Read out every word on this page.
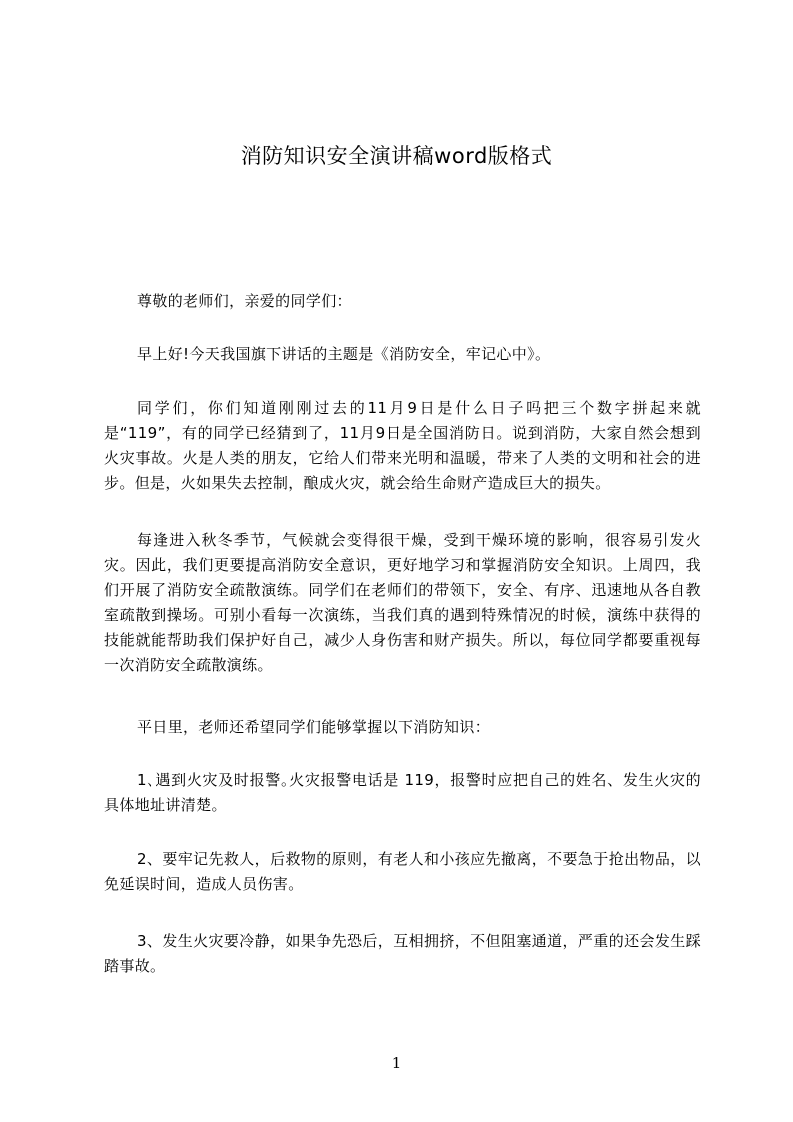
消防知识安全演讲稿word版格式

尊敬的老师们，亲爱的同学们：

早上好!今天我国旗下讲话的主题是《消防安全，牢记心中》。

同学们，你们知道刚刚过去的11月9日是什么日子吗把三个数字拼起来就是“119”，有的同学已经猜到了，11月9日是全国消防日。说到消防，大家自然会想到火灾事故。火是人类的朋友，它给人们带来光明和温暖，带来了人类的文明和社会的进步。但是，火如果失去控制，酿成火灾，就会给生命财产造成巨大的损失。

每逢进入秋冬季节，气候就会变得很干燥，受到干燥环境的影响，很容易引发火灾。因此，我们更要提高消防安全意识，更好地学习和掌握消防安全知识。上周四，我们开展了消防安全疏散演练。同学们在老师们的带领下，安全、有序、迅速地从各自教室疏散到操场。可别小看每一次演练，当我们真的遇到特殊情况的时候，演练中获得的技能就能帮助我们保护好自己，减少人身伤害和财产损失。所以，每位同学都要重视每一次消防安全疏散演练。

平日里，老师还希望同学们能够掌握以下消防知识：

1､遇到火灾及时报警｡火灾报警电话是 119，报警时应把自己的姓名、发生火灾的具体地址讲清楚。

2、要牢记先救人，后救物的原则，有老人和小孩应先撤离，不要急于抢出物品，以免延误时间，造成人员伤害。

3、发生火灾要冷静，如果争先恐后，互相拥挤，不但阻塞通道，严重的还会发生踩踏事故。

1
